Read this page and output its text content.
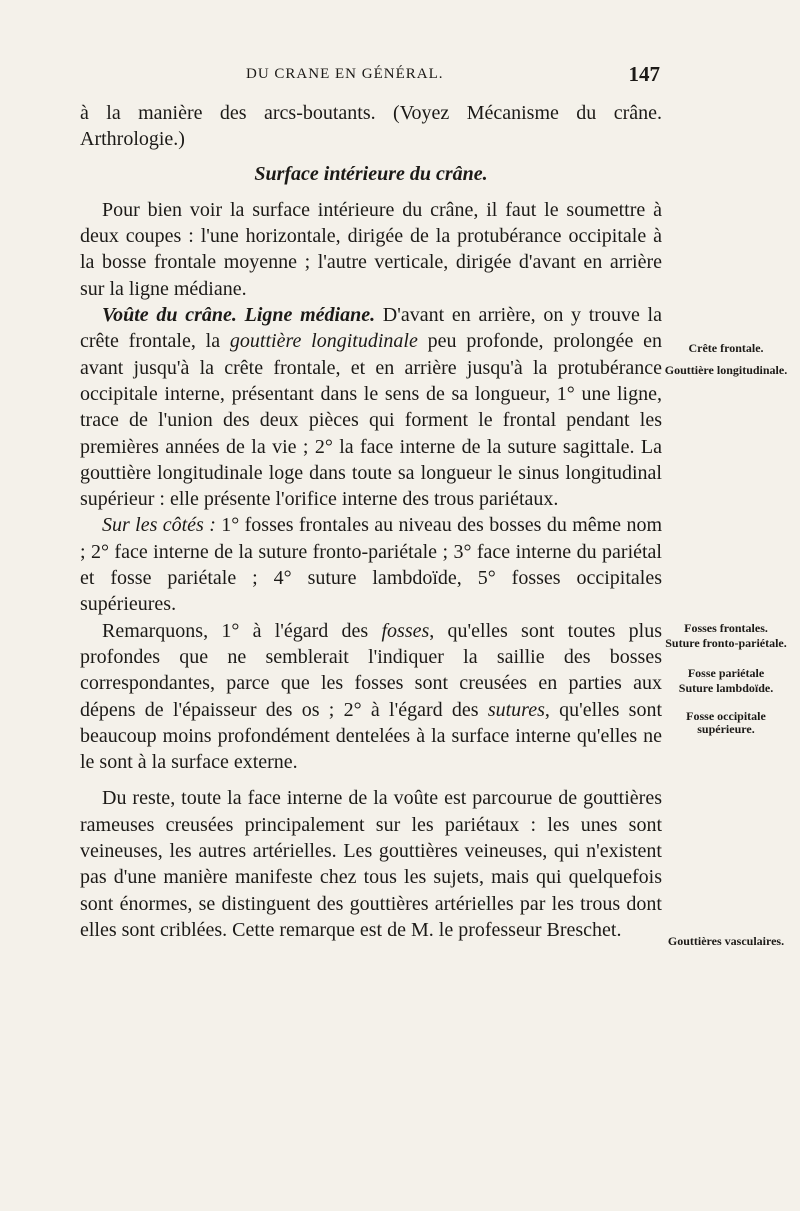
DU CRANE EN GÉNÉRAL.	147

à la manière des arcs-boutants. (Voyez Mécanisme du crâne. Arthrologie.)

Surface intérieure du crâne.

Pour bien voir la surface intérieure du crâne, il faut le soumettre à deux coupes : l'une horizontale, dirigée de la protubérance occipitale à la bosse frontale moyenne ; l'autre verticale, dirigée d'avant en arrière sur la ligne médiane.

Voûte du crâne. Ligne médiane. D'avant en arrière, on y trouve la crête frontale, la gouttière longitudinale peu profonde, prolongée en avant jusqu'à la crête frontale, et en arrière jusqu'à la protubérance occipitale interne, présentant dans le sens de sa longueur, 1° une ligne, trace de l'union des deux pièces qui forment le frontal pendant les premières années de la vie ; 2° la face interne de la suture sagittale. La gouttière longitudinale loge dans toute sa longueur le sinus longitudinal supérieur : elle présente l'orifice interne des trous pariétaux.

Sur les côtés : 1° fosses frontales au niveau des bosses du même nom ; 2° face interne de la suture fronto-pariétale ; 3° face interne du pariétal et fosse pariétale ; 4° suture lambdoïde, 5° fosses occipitales supérieures.

Remarquons, 1° à l'égard des fosses, qu'elles sont toutes plus profondes que ne semblerait l'indiquer la saillie des bosses correspondantes, parce que les fosses sont creusées en parties aux dépens de l'épaisseur des os ; 2° à l'égard des sutures, qu'elles sont beaucoup moins profondément dentelées à la surface interne qu'elles ne le sont à la surface externe.

Du reste, toute la face interne de la voûte est parcourue de gouttières rameuses creusées principalement sur les pariétaux : les unes sont veineuses, les autres artérielles. Les gouttières veineuses, qui n'existent pas d'une manière manifeste chez tous les sujets, mais qui quelquefois sont énormes, se distinguent des gouttières artérielles par les trous dont elles sont criblées. Cette remarque est de M. le professeur Breschet.

Crête frontale.
Gouttière longitudinale.
Fosses frontales.
Suture fronto-pariétale.
Fosse pariétale
Suture lambdoïde.
Fosse occipitale supérieure.
Gouttières vasculaires.
